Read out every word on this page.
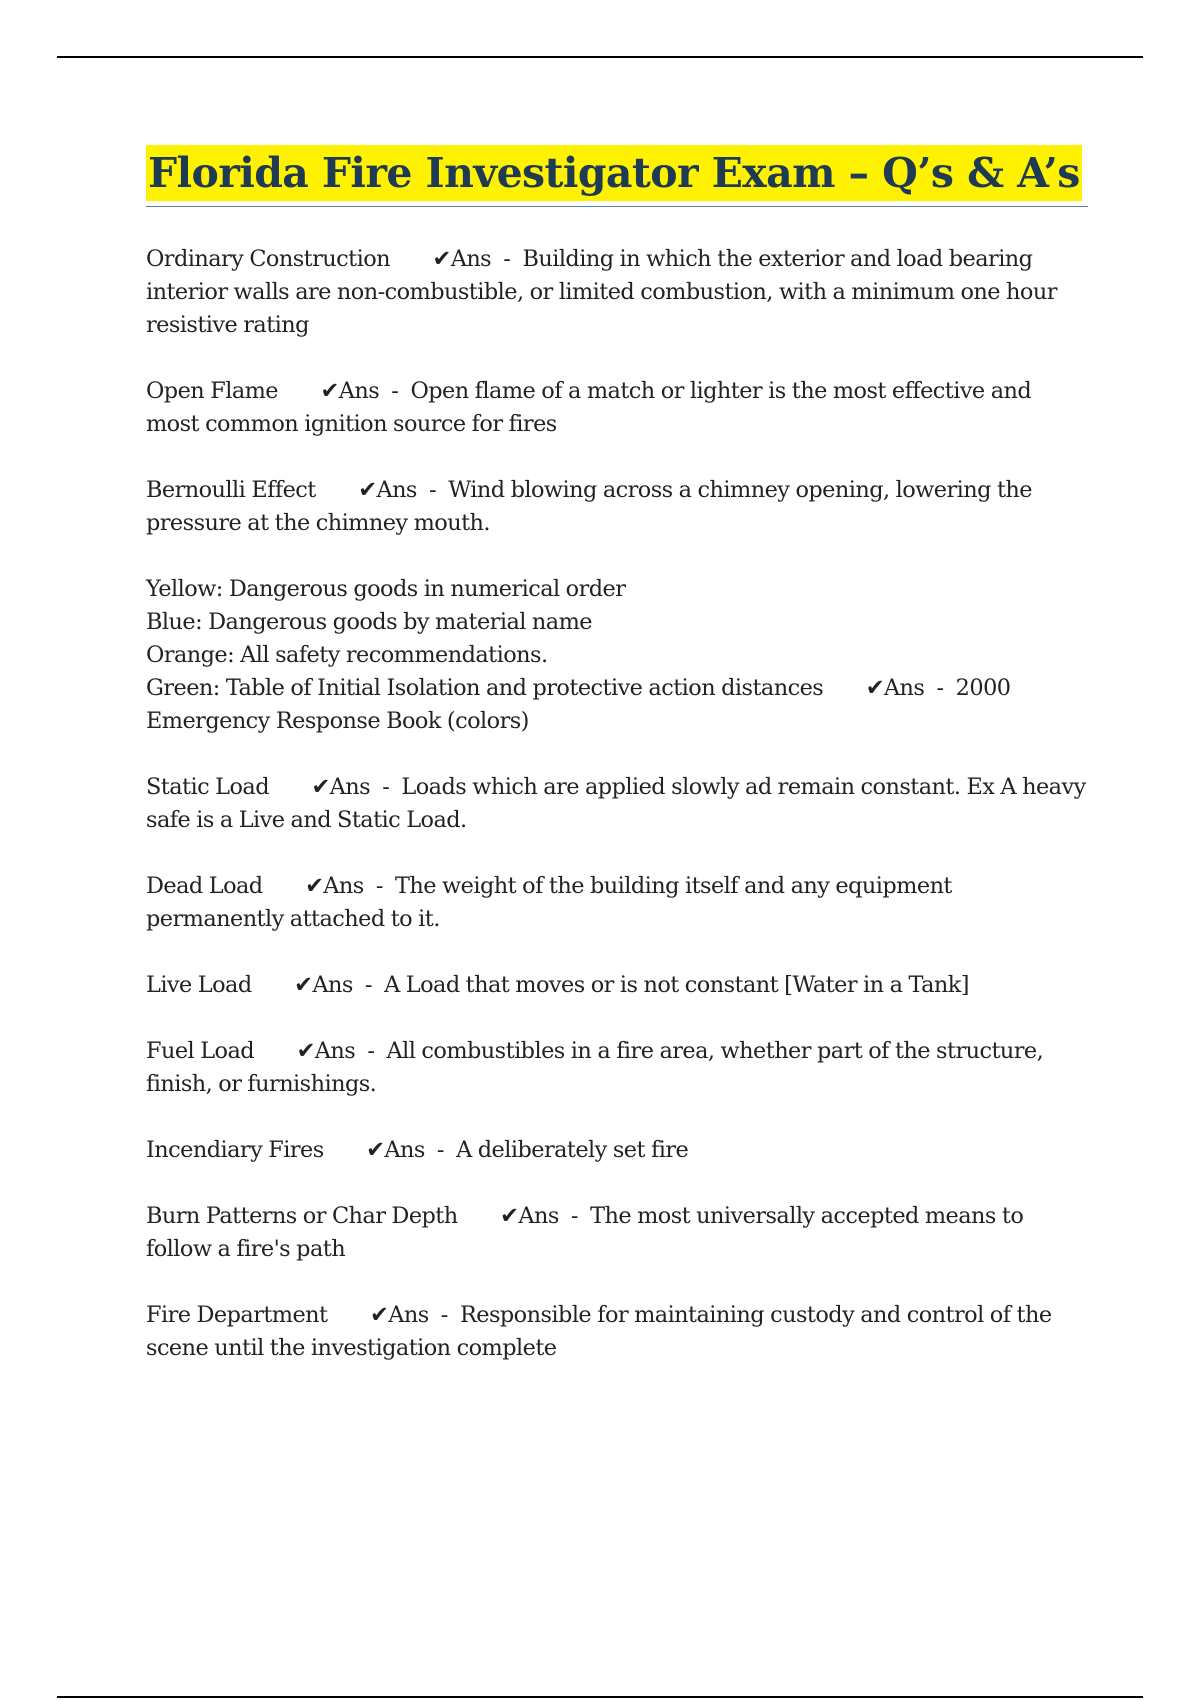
Florida Fire Investigator Exam – Q’s & A’s
Ordinary Construction ✔Ans - Building in which the exterior and load bearing interior walls are non-combustible, or limited combustion, with a minimum one hour resistive rating
Open Flame ✔Ans - Open flame of a match or lighter is the most effective and most common ignition source for fires
Bernoulli Effect ✔Ans - Wind blowing across a chimney opening, lowering the pressure at the chimney mouth.
Yellow: Dangerous goods in numerical order
Blue: Dangerous goods by material name
Orange: All safety recommendations.
Green: Table of Initial Isolation and protective action distances ✔Ans - 2000 Emergency Response Book (colors)
Static Load ✔Ans - Loads which are applied slowly ad remain constant. Ex A heavy safe is a Live and Static Load.
Dead Load ✔Ans - The weight of the building itself and any equipment permanently attached to it.
Live Load ✔Ans - A Load that moves or is not constant [Water in a Tank]
Fuel Load ✔Ans - All combustibles in a fire area, whether part of the structure, finish, or furnishings.
Incendiary Fires ✔Ans - A deliberately set fire
Burn Patterns or Char Depth ✔Ans - The most universally accepted means to follow a fire's path
Fire Department ✔Ans - Responsible for maintaining custody and control of the scene until the investigation complete
